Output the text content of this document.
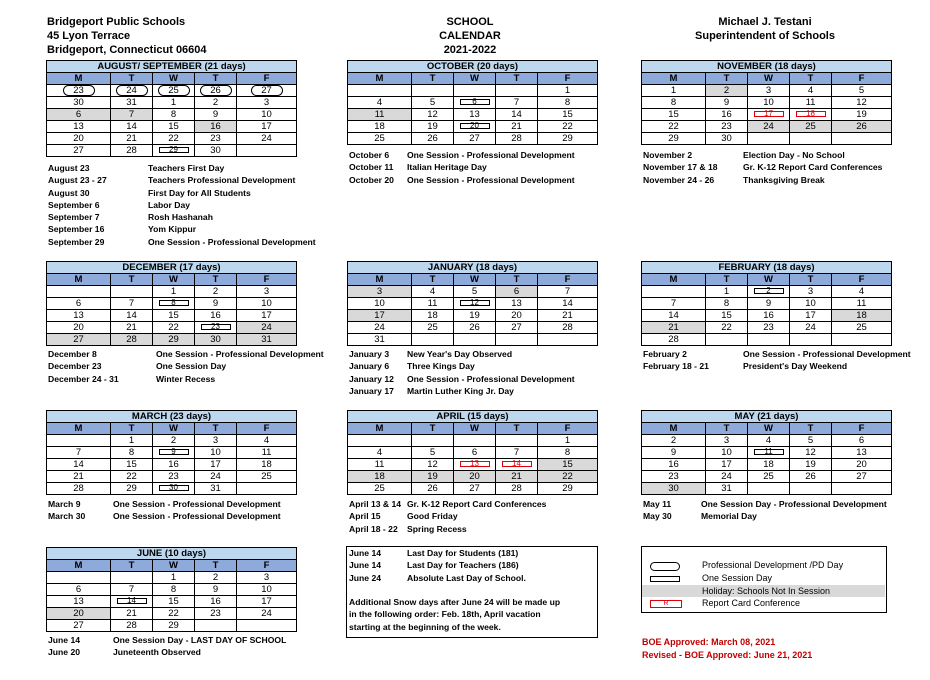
Bridgeport Public Schools
45 Lyon Terrace
Bridgeport, Connecticut 06604
SCHOOL CALENDAR
2021-2022
Michael J. Testani
Superintendent of Schools
AUGUST/ SEPTEMBER (21 days)				
M	T	W	T	F
23	24	25	26	27
30	31	1	2	3
6	7	8	9	10
13	14	15	16	17
20	21	22	23	24
27	28	29	30	
August 23	Teachers First Day
August 23 - 27	Teachers Professional Development
August 30	First Day for All Students
September 6	Labor Day
September 7	Rosh Hashanah
September 16	Yom Kippur
September 29	One Session - Professional Development
OCTOBER (20 days)				
M	T	W	T	F
				1
4	5	6	7	8
11	12	13	14	15
18	19	20	21	22
25	26	27	28	29
October 6 One Session - Professional Development
October 11 Italian Heritage Day
October 20 One Session - Professional Development
NOVEMBER (18 days)				
M	T	W	T	F
1	2	3	4	5
8	9	10	11	12
15	16	17	18	19
22	23	24	25	26
29	30			
November 2	Election Day - No School
November 17 & 18	Gr. K-12 Report Card Conferences
November 24 - 26	Thanksgiving Break
DECEMBER (17 days)				
M	T	W	T	F
		1	2	3
6	7	8	9	10
13	14	15	16	17
20	21	22	23	24
27	28	29	30	31
December 8	One Session - Professional Development
December 23	One Session Day
December 24 - 31	Winter Recess
JANUARY (18 days)				
M	T	W	T	F
3	4	5	6	7
10	11	12	13	14
17	18	19	20	21
24	25	26	27	28
31				
January 3 New Year's Day Observed
January 6 Three Kings Day
January 12 One Session - Professional Development
January 17 Martin Luther King Jr. Day
FEBRUARY (18 days)				
M	T	W	T	F
	1	2	3	4
7	8	9	10	11
14	15	16	17	18
21	22	23	24	25
28				
February 2	One Session - Professional Development
February 18 - 21	President's Day Weekend
MARCH (23 days)				
M	T	W	T	F
	1	2	3	4
7	8	9	10	11
14	15	16	17	18
21	22	23	24	25
28	29	30	31	
March 9	One Session - Professional Development
March 30	One Session - Professional Development
APRIL (15 days)				
M	T	W	T	F
				1
4	5	6	7	8
11	12	13	14	15
18	19	20	21	22
25	26	27	28	29
April 13 & 14 Gr. K-12 Report Card Conferences
April 15	Good Friday
April 18 - 22 Spring Recess
MAY (21 days)				
M	T	W	T	F
2	3	4	5	6
9	10	11	12	13
16	17	18	19	20
23	24	25	26	27
30	31			
May 11	One Session Day - Professional Development
May 30	Memorial Day
JUNE (10 days)				
M	T	W	T	F
		1	2	3
6	7	8	9	10
13	14	15	16	17
20	21	22	23	24
27	28	29		
June 14	One Session Day - LAST DAY OF SCHOOL
June 20	Juneteenth Observed
June 14	Last Day for Students (181)
June 14	Last Day for Teachers (186)
June 24	Absolute Last Day of School.
Additional Snow days after June 24 will be made up
in the following order: Feb. 18th, April vacation
starting at the beginning of the week.
Professional Development /PD Day
One Session Day
Holiday: Schools Not In Session
R	Report Card Conference
BOE Approved: March 08, 2021
Revised - BOE Approved: June 21, 2021
